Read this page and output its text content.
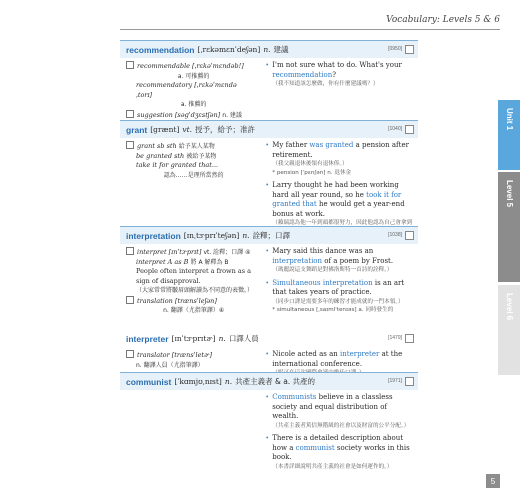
Vocabulary: Levels 5 & 6
Unit 1
Level 5
Level 6
recommendation [ˌrɛkəmɛnˈdeʃən] n. 建議	[0950]
recommendable [ˌrɛkəˈmɛndəb!]
a. 可推薦的
recommendatory [ˌrɛkəˈmɛndəˌtorɪ]
a. 推薦的
suggestion [səɡˈdʒɛstʃən] n. 建議
• I'm not sure what to do. What's your recommendation?
（我不知道該怎麼做，你有什麼建議嗎？）
grant [grænt] vt. 授予，給予；准許	[1040]
grant sb sth 給予某人某物
be granted sth 被給予某物
take it for granted that...
認為……是理所當然的
• My father was granted a pension after retirement.
（我父親退休後領有退休俸。）
* pension [ˈpɛnʃən] n. 退休金
• Larry thought he had been working hard all year round, so he took it for granted that he would get a year-end bonus at work.
（賴瑞認為他一年到頭都很努力，因此他認為自己會拿到
interpretation [ɪnˌtɝprɪˈteʃən] n. 詮釋；口譯	[1038]
interpret [ɪnˈtɝprɪt] vt. 詮釋；口譯 ④
interpret A as B 將 A 解釋為 B
People often interpret a frown as a sign of disapproval.
（大家常常將皺眉頭解讀為不同意的表徵。）
translation [trænsˈleʃən]
n. 翻譯（尤指筆譯）④
• Mary said this dance was an interpretation of a poem by Frost.
（瑪麗說這支舞蹈是對佛洛斯特一首詩的詮釋。）
• Simultaneous interpretation is an art that takes years of practice.
（同步口譯是需要多年的練習才能成就的一門本領。）
* simultaneous [ˌsaɪmlˈtenɪəs] a. 同時發生的
interpreter [ɪnˈtɝprɪtɚ] n. 口譯人員	[1479]
translator [trænsˈletɚ]
n. 翻譯人員（尤指筆譯）
• Nicole acted as an interpreter at the international conference.
communist [ˈkɑmjʊˌnɪst] n. 共產主義者 & a. 共產的	[1971]
• Communists believe in a classless society and equal distribution of wealth.
（共產主義者篤信無階級的社會以及財富的公平分配。）
• There is a detailed description about how a communist society works in this book.
（本書詳細說明共產主義的社會是如何運作的。）
5
